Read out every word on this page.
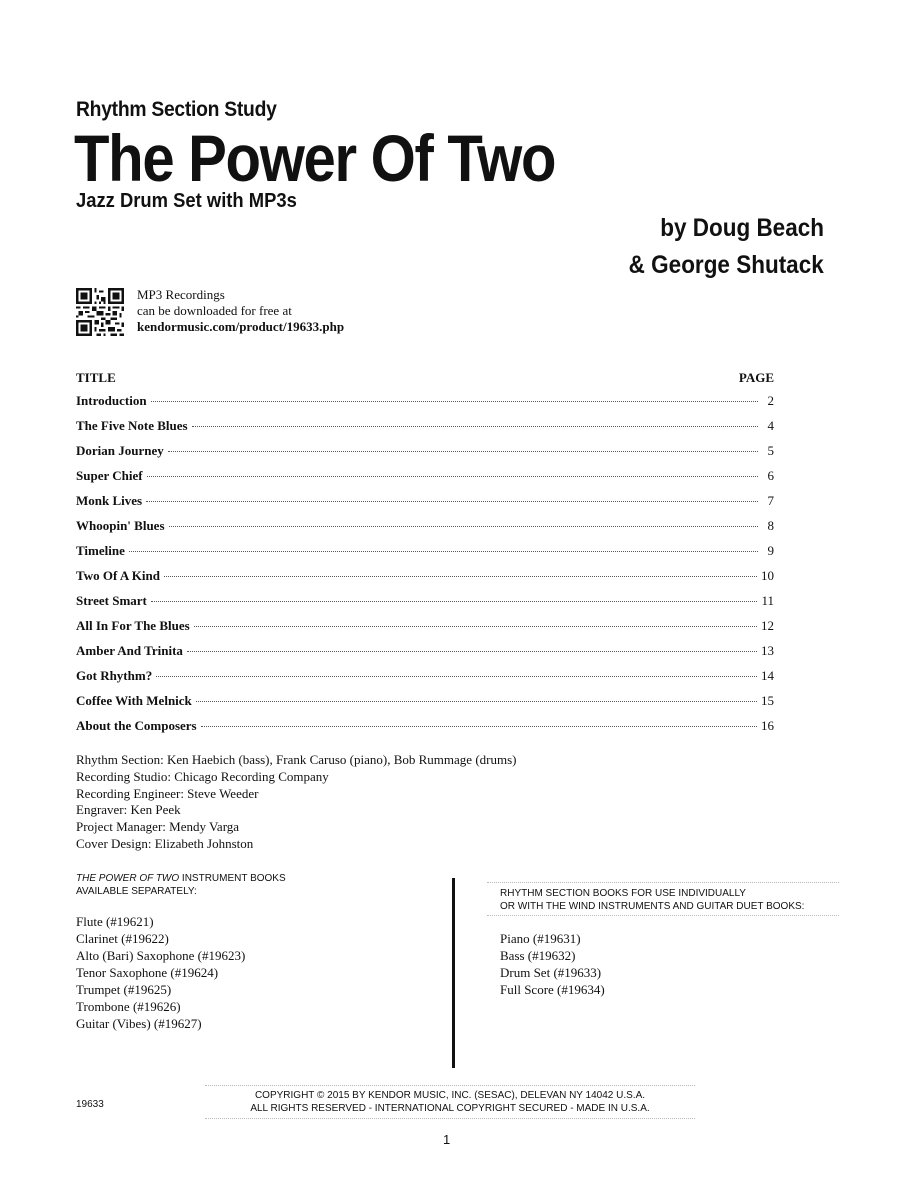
Rhythm Section Study
The Power Of Two
Jazz Drum Set with MP3s
by Doug Beach
& George Shutack
MP3 Recordings
can be downloaded for free at
kendormusic.com/product/19633.php
TITLE	PAGE
Introduction	2
The Five Note Blues	4
Dorian Journey	5
Super Chief	6
Monk Lives	7
Whoopin' Blues	8
Timeline	9
Two Of A Kind	10
Street Smart	11
All In For The Blues	12
Amber And Trinita	13
Got Rhythm?	14
Coffee With Melnick	15
About the Composers	16
Rhythm Section: Ken Haebich (bass), Frank Caruso (piano), Bob Rummage (drums)
Recording Studio: Chicago Recording Company
Recording Engineer: Steve Weeder
Engraver: Ken Peek
Project Manager: Mendy Varga
Cover Design: Elizabeth Johnston
THE POWER OF TWO INSTRUMENT BOOKS
AVAILABLE SEPARATELY:
Flute (#19621)
Clarinet (#19622)
Alto (Bari) Saxophone (#19623)
Tenor Saxophone (#19624)
Trumpet (#19625)
Trombone (#19626)
Guitar (Vibes) (#19627)
RHYTHM SECTION BOOKS FOR USE INDIVIDUALLY
OR WITH THE WIND INSTRUMENTS AND GUITAR DUET BOOKS:
Piano (#19631)
Bass (#19632)
Drum Set (#19633)
Full Score (#19634)
19633
COPYRIGHT © 2015 BY KENDOR MUSIC, INC. (SESAC), DELEVAN NY 14042 U.S.A.
ALL RIGHTS RESERVED - INTERNATIONAL COPYRIGHT SECURED - MADE IN U.S.A.
1
